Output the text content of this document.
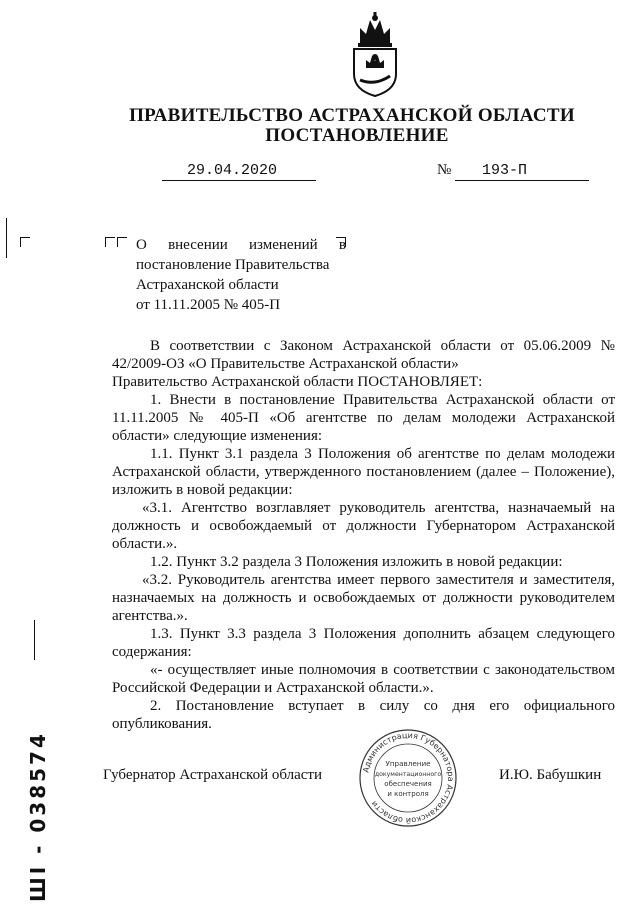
ПРАВИТЕЛЬСТВО АСТРАХАНСКОЙ ОБЛАСТИ
ПОСТАНОВЛЕНИЕ
29.04.2020	№ 193-П
О внесении изменений в
постановление Правительства
Астраханской области
от 11.11.2005 № 405-П

В соответствии с Законом Астраханской области от 05.06.2009 № 42/2009-ОЗ «О Правительстве Астраханской области»

Правительство Астраханской области ПОСТАНОВЛЯЕТ:

1. Внести в постановление Правительства Астраханской области от 11.11.2005 № 405-П «Об агентстве по делам молодежи Астраханской области» следующие изменения:

1.1. Пункт 3.1 раздела 3 Положения об агентстве по делам молодежи Астраханской области, утвержденного постановлением (далее – Положение), изложить в новой редакции:

«3.1. Агентство возглавляет руководитель агентства, назначаемый на должность и освобождаемый от должности Губернатором Астраханской области.».

1.2. Пункт 3.2 раздела 3 Положения изложить в новой редакции:

«3.2. Руководитель агентства имеет первого заместителя и заместителя, назначаемых на должность и освобождаемых от должности руководителем агентства.».

1.3. Пункт 3.3 раздела 3 Положения дополнить абзацем следующего содержания:

«- осуществляет иные полномочия в соответствии с законодательством Российской Федерации и Астраханской области.».

2. Постановление вступает в силу со дня его официального опубликования.

Губернатор Астраханской области	И.Ю. Бабушкин
Администрация Губернатора Астраханской области
Управление
документационного
обеспечения
и контроля
ШI - 038574
